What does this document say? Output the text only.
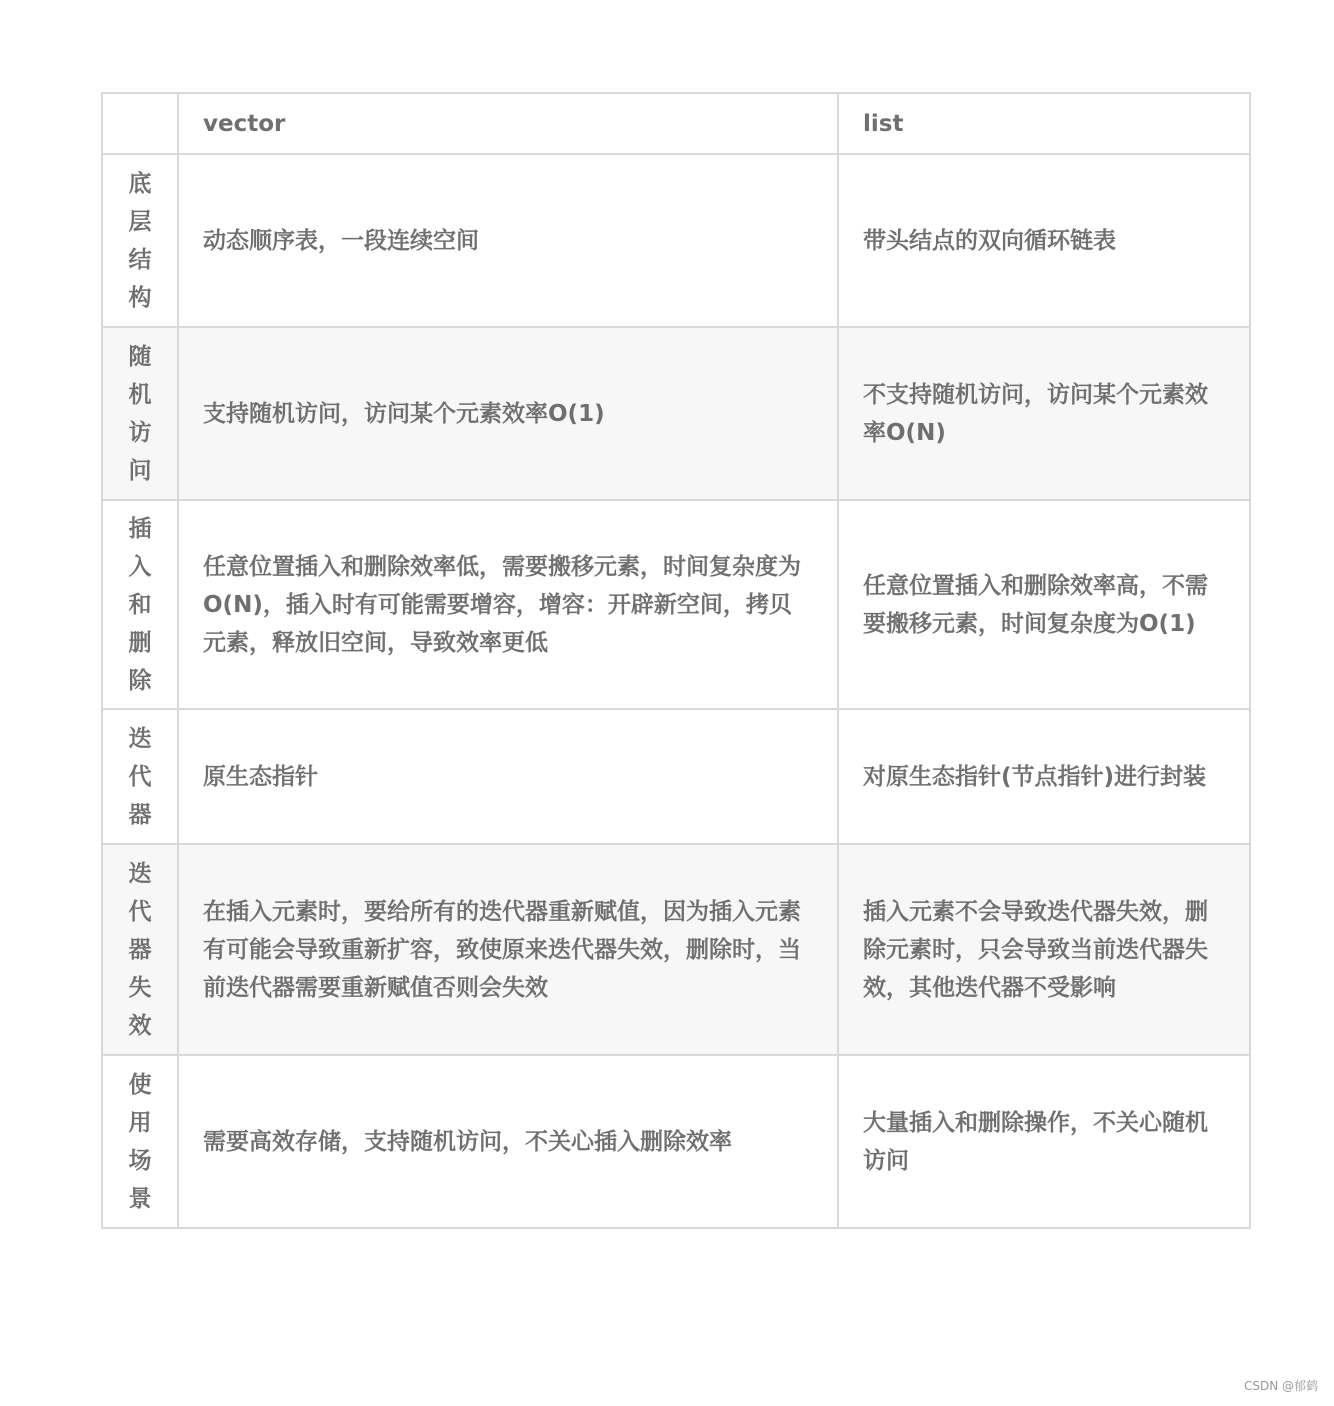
	vector	list

底层结构	动态顺序表，一段连续空间	带头结点的双向循环链表

随机访问	支持随机访问，访问某个元素效率O(1)	不支持随机访问，访问某个元素效率O(N)

插入和删除	任意位置插入和删除效率低，需要搬移元素，时间复杂度为O(N)，插入时有可能需要增容，增容：开辟新空间，拷贝元素，释放旧空间，导致效率更低	任意位置插入和删除效率高，不需要搬移元素，时间复杂度为O(1)

迭代器	原生态指针	对原生态指针(节点指针)进行封装

迭代器失效	在插入元素时，要给所有的迭代器重新赋值，因为插入元素有可能会导致重新扩容，致使原来迭代器失效，删除时，当前迭代器需要重新赋值否则会失效	插入元素不会导致迭代器失效，删除元素时，只会导致当前迭代器失效，其他迭代器不受影响

使用场景	需要高效存储，支持随机访问，不关心插入删除效率	大量插入和删除操作，不关心随机访问
CSDN @郁鹤
